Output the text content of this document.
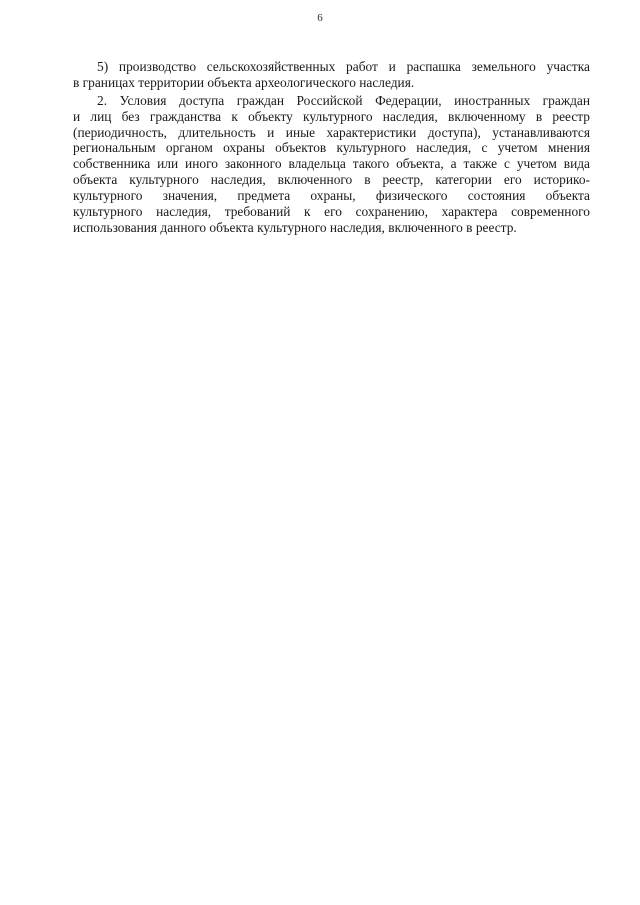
6
5) производство сельскохозяйственных работ и распашка земельного участка
в границах территории объекта археологического наследия.
2. Условия доступа граждан Российской Федерации, иностранных граждан
и лиц без гражданства к объекту культурного наследия, включенному в реестр
(периодичность, длительность и иные характеристики доступа), устанавливаются
региональным органом охраны объектов культурного наследия, с учетом мнения
собственника или иного законного владельца такого объекта, а также с учетом вида
объекта культурного наследия, включенного в реестр, категории его историко-
культурного значения, предмета охраны, физического состояния объекта
культурного наследия, требований к его сохранению, характера современного
использования данного объекта культурного наследия, включенного в реестр.
